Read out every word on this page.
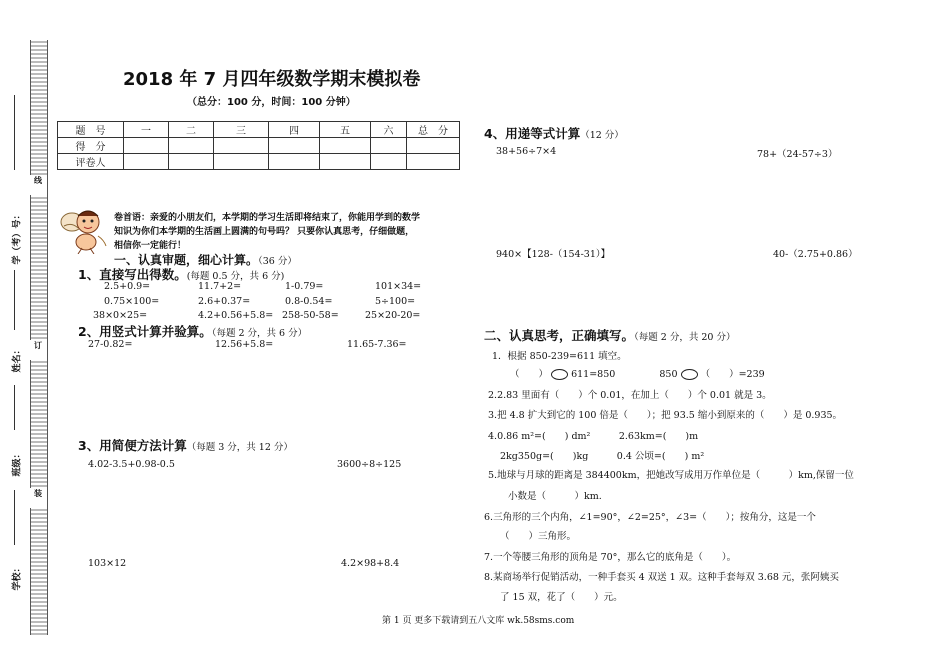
线
订
装
学（考）号：
姓名：
班级：
学校：
2018 年 7 月四年级数学期末模拟卷
（总分：100 分，时间：100 分钟）
题　号	一	二	三	四	五	六	总　分
得　分							
评卷人							
卷首语：亲爱的小朋友们，本学期的学习生活即将结束了，你能用学到的数学
知识为你们本学期的生活画上圆满的句号吗？ 只要你认真思考，仔细做题，
相信你一定能行！
一、认真审题，细心计算。（36 分）
1、直接写出得数。(每题 0.5 分，共 6 分)
2.5+0.9=	11.7+2=	1-0.79=	101×34=
0.75×100=	2.6+0.37=	0.8-0.54=	5÷100=
38×0×25=	4.2+0.56+5.8= 258-50-58=	25×20-20=
2、用竖式计算并验算。（每题 2 分，共 6 分）
27-0.82=	12.56+5.8=	11.65-7.36=
3、用简便方法计算（每题 3 分，共 12 分）
4.02-3.5+0.98-0.5	3600÷8÷125
103×12	4.2×98+8.4
4、用递等式计算（12 分）
38+56÷7×4	78+（24-57÷3）
940×【128-（154-31）】	40-（2.75+0.86）
二、认真思考，正确填写。（每题 2 分，共 20 分）
1．根据 850-239=611 填空。
（　　） 611=850	850 （　　）=239
2.2.83 里面有（　　）个 0.01，在加上（　　）个 0.01 就是 3。
3.把 4.8 扩大到它的 100 倍是（　　）；把 93.5 缩小到原来的（　　）是 0.935。
4.0.86 m²=(　　) dm²　　　2.63km=(　　)m
2kg350g=(　　)kg　　　0.4 公顷=(　　) m²
5.地球与月球的距离是 384400km，把她改写成用万作单位是（　　　）km,保留一位
小数是（　　　）km.
6.三角形的三个内角，∠1=90°，∠2=25°，∠3=（　　）；按角分，这是一个
（　　）三角形。
7.一个等腰三角形的顶角是 70°，那么它的底角是（　　）。
8.某商场举行促销活动，一种手套买 4 双送 1 双。这种手套每双 3.68 元，张阿姨买
了 15 双，花了（　　）元。
第 1 页 更多下载请到五八文库 wk.58sms.com
